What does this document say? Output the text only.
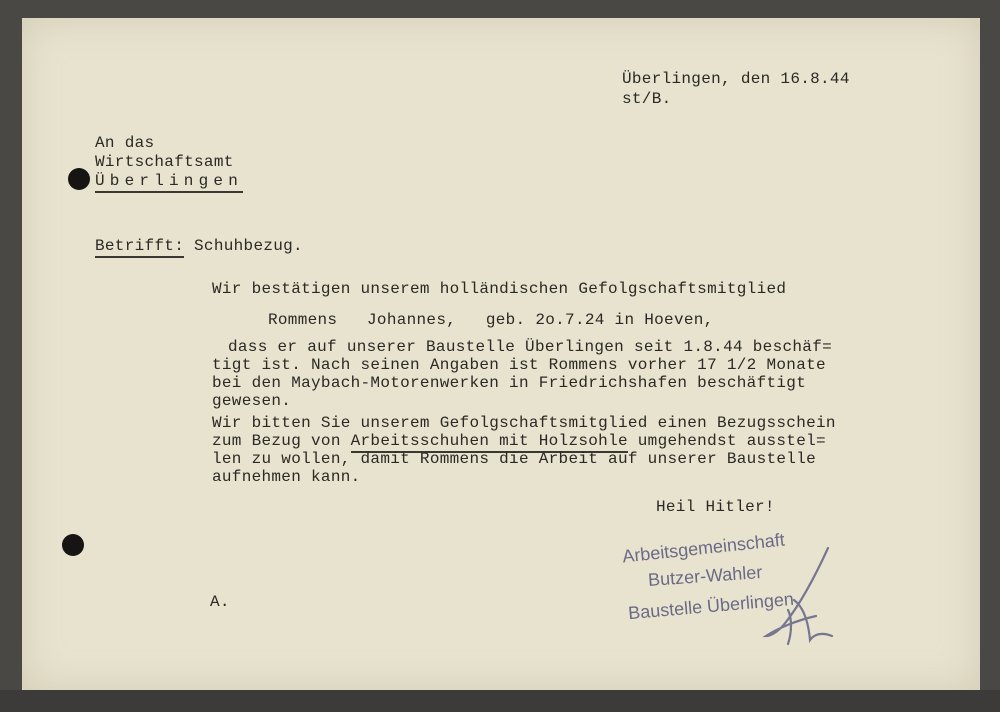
Überlingen, den 16.8.44
st/B.
An das
Wirtschaftsamt
Überlingen
Betrifft: Schuhbezug.
Wir bestätigen unserem holländischen Gefolgschaftsmitglied
Rommens   Johannes,   geb. 2o.7.24 in Hoeven,
dass er auf unserer Baustelle Überlingen seit 1.8.44 beschäf=
tigt ist. Nach seinen Angaben ist Rommens vorher 17 1/2 Monate
bei den Maybach-Motorenwerken in Friedrichshafen beschäftigt
gewesen.
Wir bitten Sie unserem Gefolgschaftsmitglied einen Bezugsschein
zum Bezug von Arbeitsschuhen mit Holzsohle umgehendst ausstel=
len zu wollen, damit Rommens die Arbeit auf unserer Baustelle
aufnehmen kann.
Heil Hitler!
Arbeitsgemeinschaft
Butzer-Wahler
Baustelle Überlingen
A.
